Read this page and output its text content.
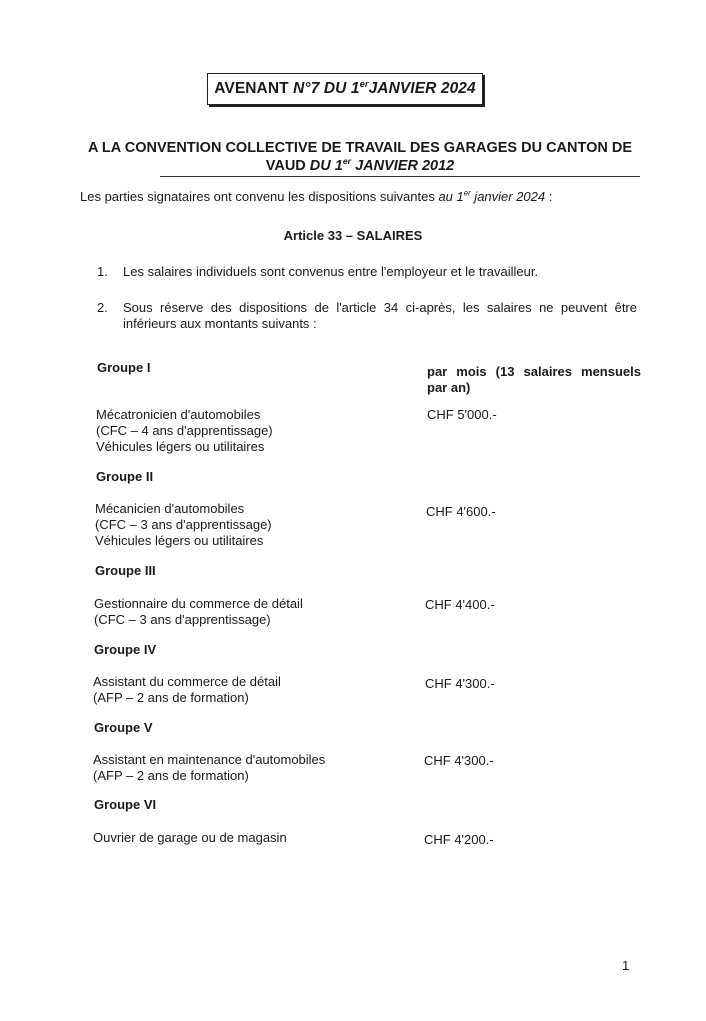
AVENANT
N°7 DU 1erJANVIER 2024
A LA CONVENTION COLLECTIVE DE TRAVAIL DES GARAGES DU CANTON DE
VAUD DU 1er JANVIER 2012
Les parties signataires ont convenu les dispositions suivantes au 1er janvier 2024 :
Article 33 – SALAIRES
1. Les salaires individuels sont convenus entre l'employeur et le travailleur.
2. Sous réserve des dispositions de l'article 34 ci-après, les salaires ne peuvent être
inférieurs aux montants suivants :
par mois (13 salaires mensuels
par an)
Groupe I
Mécatronicien d'automobiles
(CFC – 4 ans d'apprentissage)
Véhicules légers ou utilitaires
CHF 5'000.-
Groupe II
Mécanicien d'automobiles
(CFC – 3 ans d'apprentissage)
Véhicules légers ou utilitaires
CHF 4'600.-
Groupe III
Gestionnaire du commerce de détail
(CFC – 3 ans d'apprentissage)
CHF 4'400.-
Groupe IV
Assistant du commerce de détail
(AFP – 2 ans de formation)
CHF 4'300.-
Groupe V
Assistant en maintenance d'automobiles
(AFP – 2 ans de formation)
CHF 4'300.-
Groupe VI
Ouvrier de garage ou de magasin	CHF 4'200.-
1
